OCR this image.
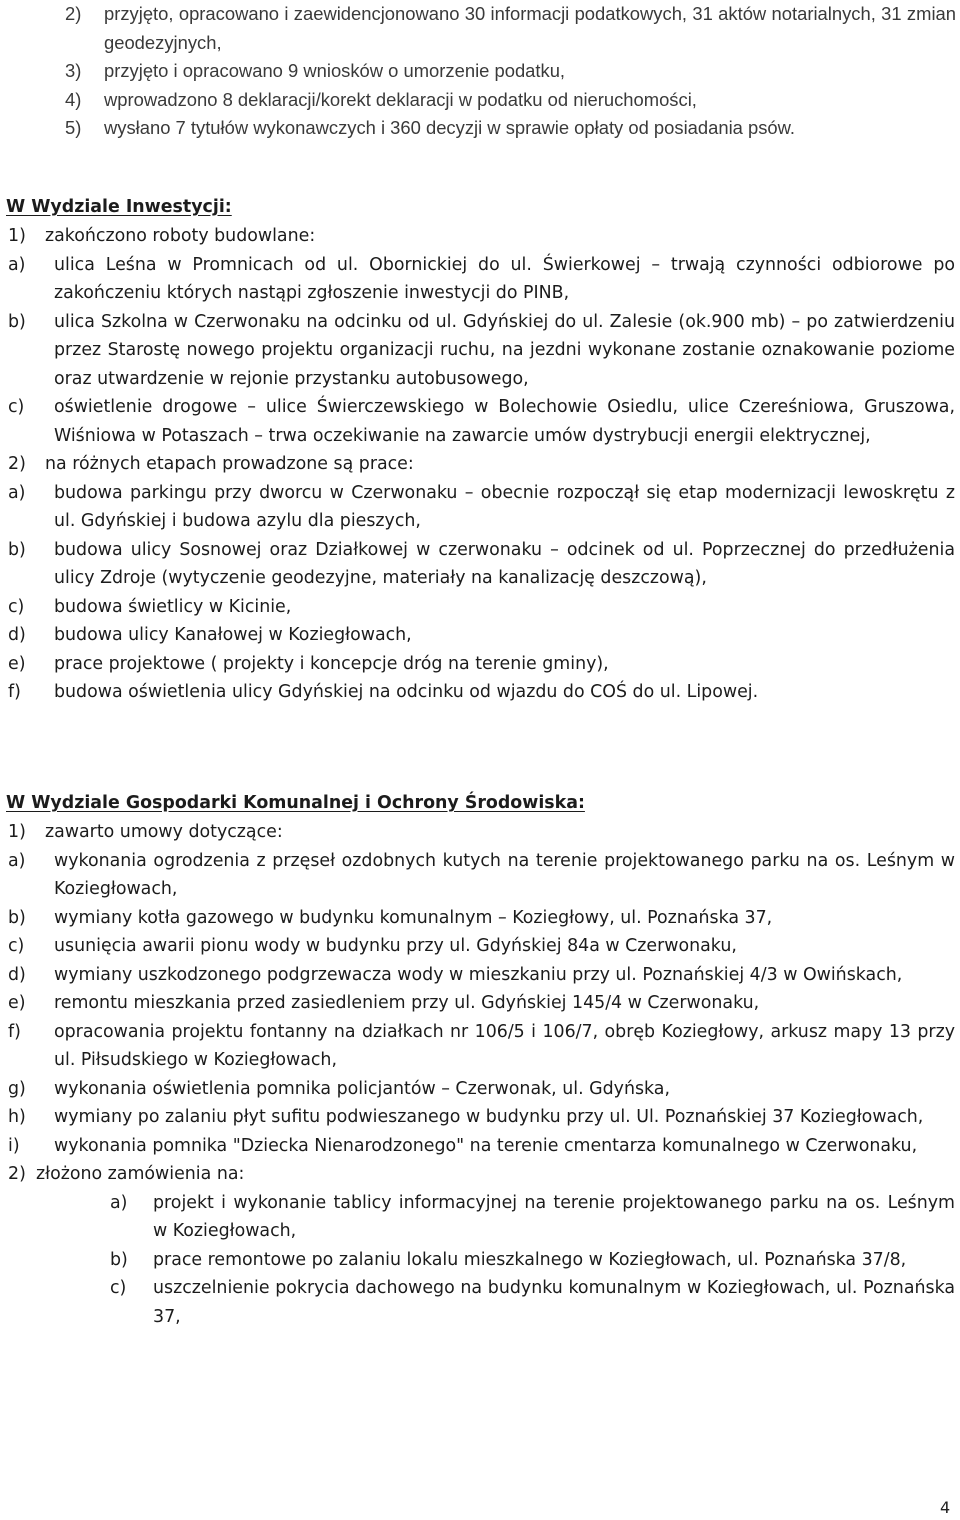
2)	przyjęto, opracowano i zaewidencjonowano 30 informacji podatkowych, 31 aktów notarialnych, 31 zmian geodezyjnych,
3)	przyjęto i opracowano 9 wniosków o umorzenie podatku,
4)	wprowadzono 8 deklaracji/korekt deklaracji w podatku od nieruchomości,
5)	wysłano 7 tytułów wykonawczych i 360 decyzji w sprawie opłaty od posiadania psów.
W Wydziale Inwestycji:
1)	zakończono roboty budowlane:
a)	ulica Leśna w Promnicach od ul. Obornickiej do ul. Świerkowej – trwają czynności odbiorowe po zakończeniu których nastąpi zgłoszenie inwestycji do PINB,
b)	ulica Szkolna w Czerwonaku na odcinku od ul. Gdyńskiej do ul. Zalesie (ok.900 mb) – po zatwierdzeniu przez Starostę nowego projektu organizacji ruchu, na jezdni wykonane zostanie oznakowanie poziome oraz utwardzenie w rejonie przystanku autobusowego,
c)	oświetlenie drogowe – ulice Świerczewskiego w Bolechowie Osiedlu, ulice Czereśniowa, Gruszowa, Wiśniowa w Potaszach – trwa oczekiwanie na zawarcie umów dystrybucji energii elektrycznej,
2)	na różnych etapach prowadzone są prace:
a)	budowa parkingu przy dworcu w Czerwonaku – obecnie rozpoczął się etap modernizacji lewoskrętu z ul. Gdyńskiej i budowa azylu dla pieszych,
b)	budowa ulicy Sosnowej oraz Działkowej w czerwonaku – odcinek od ul. Poprzecznej do przedłużenia ulicy Zdroje (wytyczenie geodezyjne, materiały na kanalizację deszczową),
c)	budowa świetlicy w Kicinie,
d)	budowa ulicy Kanałowej w Koziegłowach,
e)	prace projektowe ( projekty i koncepcje dróg na terenie gminy),
f)	budowa oświetlenia ulicy Gdyńskiej na odcinku od wjazdu do COŚ do ul. Lipowej.
W Wydziale Gospodarki Komunalnej i Ochrony Środowiska:
1)	zawarto umowy dotyczące:
a)	wykonania ogrodzenia z przęseł ozdobnych kutych na terenie projektowanego parku na os. Leśnym w Koziegłowach,
b)	wymiany kotła gazowego w budynku komunalnym – Koziegłowy, ul. Poznańska 37,
c)	usunięcia awarii pionu wody w budynku przy ul. Gdyńskiej 84a w Czerwonaku,
d)	wymiany uszkodzonego podgrzewacza wody w mieszkaniu przy ul. Poznańskiej 4/3 w Owińskach,
e)	remontu mieszkania przed zasiedleniem przy ul. Gdyńskiej 145/4 w Czerwonaku,
f)	opracowania projektu fontanny na działkach nr 106/5 i 106/7, obręb Koziegłowy, arkusz mapy 13 przy ul. Piłsudskiego w Koziegłowach,
g)	wykonania oświetlenia pomnika policjantów – Czerwonak, ul. Gdyńska,
h)	wymiany po zalaniu płyt sufitu podwieszanego w budynku przy ul. Ul. Poznańskiej 37 Koziegłowach,
i)	wykonania pomnika "Dziecka Nienarodzonego" na terenie cmentarza komunalnego w Czerwonaku,
2) złożono zamówienia na:
a)	projekt i wykonanie tablicy informacyjnej na terenie projektowanego parku na os. Leśnym w Koziegłowach,
b)	prace remontowe po zalaniu lokalu mieszkalnego w Koziegłowach, ul. Poznańska 37/8,
c)	uszczelnienie pokrycia dachowego na budynku komunalnym w Koziegłowach, ul. Poznańska 37,
4
